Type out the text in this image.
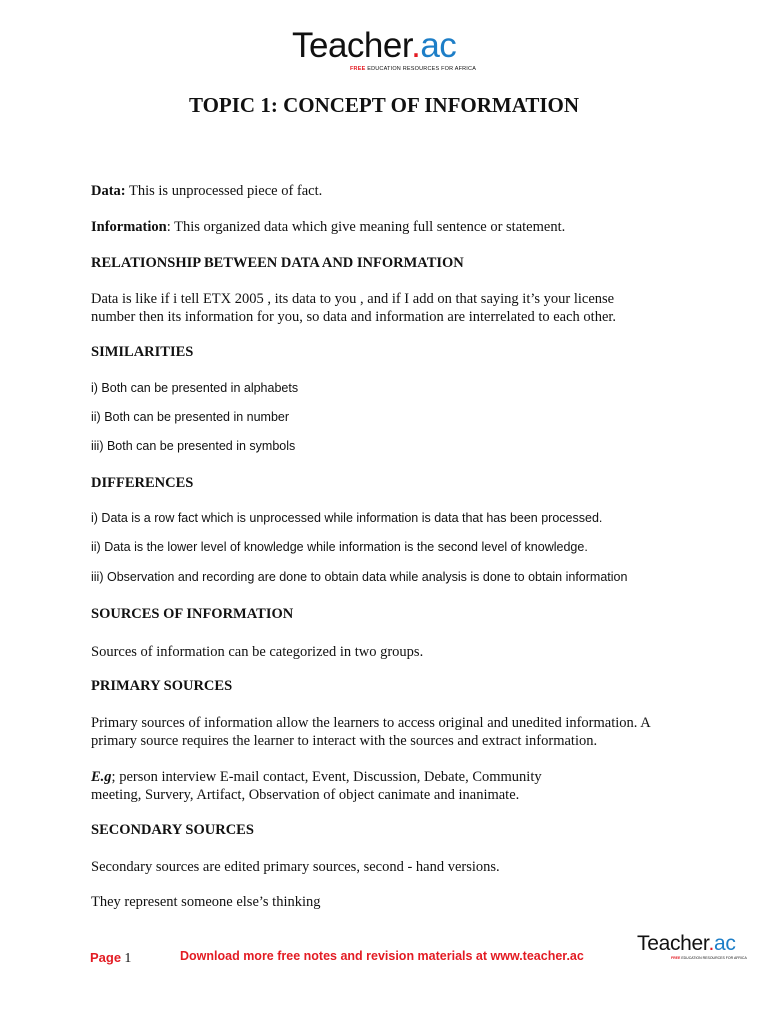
Teacher.ac
FREE EDUCATION RESOURCES FOR AFRICA
TOPIC 1: CONCEPT OF INFORMATION
Data: This is unprocessed piece of fact.
Information: This organized data which give meaning full sentence or statement.
RELATIONSHIP BETWEEN DATA AND INFORMATION
Data is like if i tell ETX 2005 , its data to you , and if I add on that saying it’s your license
number then its information for you, so data and information are interrelated to each other.
SIMILARITIES
i) Both can be presented in alphabets
ii) Both can be presented in number
iii) Both can be presented in symbols
DIFFERENCES
i) Data is a row fact which is unprocessed while information is data that has been processed.
ii) Data is the lower level of knowledge while information is the second level of knowledge.
iii) Observation and recording are done to obtain data while analysis is done to obtain information
SOURCES OF INFORMATION
Sources of information can be categorized in two groups.
PRIMARY SOURCES
Primary sources of information allow the learners to access original and unedited information. A
primary source requires the learner to interact with the sources and extract information.
E.g; person interview E-mail contact, Event, Discussion, Debate, Community
meeting, Survery, Artifact, Observation of object canimate and inanimate.
SECONDARY SOURCES
Secondary sources are edited primary sources, second - hand versions.
They represent someone else’s thinking
Page 1	Download more free notes and revision materials at www.teacher.ac
Teacher.ac
FREE EDUCATION RESOURCES FOR AFRICA
